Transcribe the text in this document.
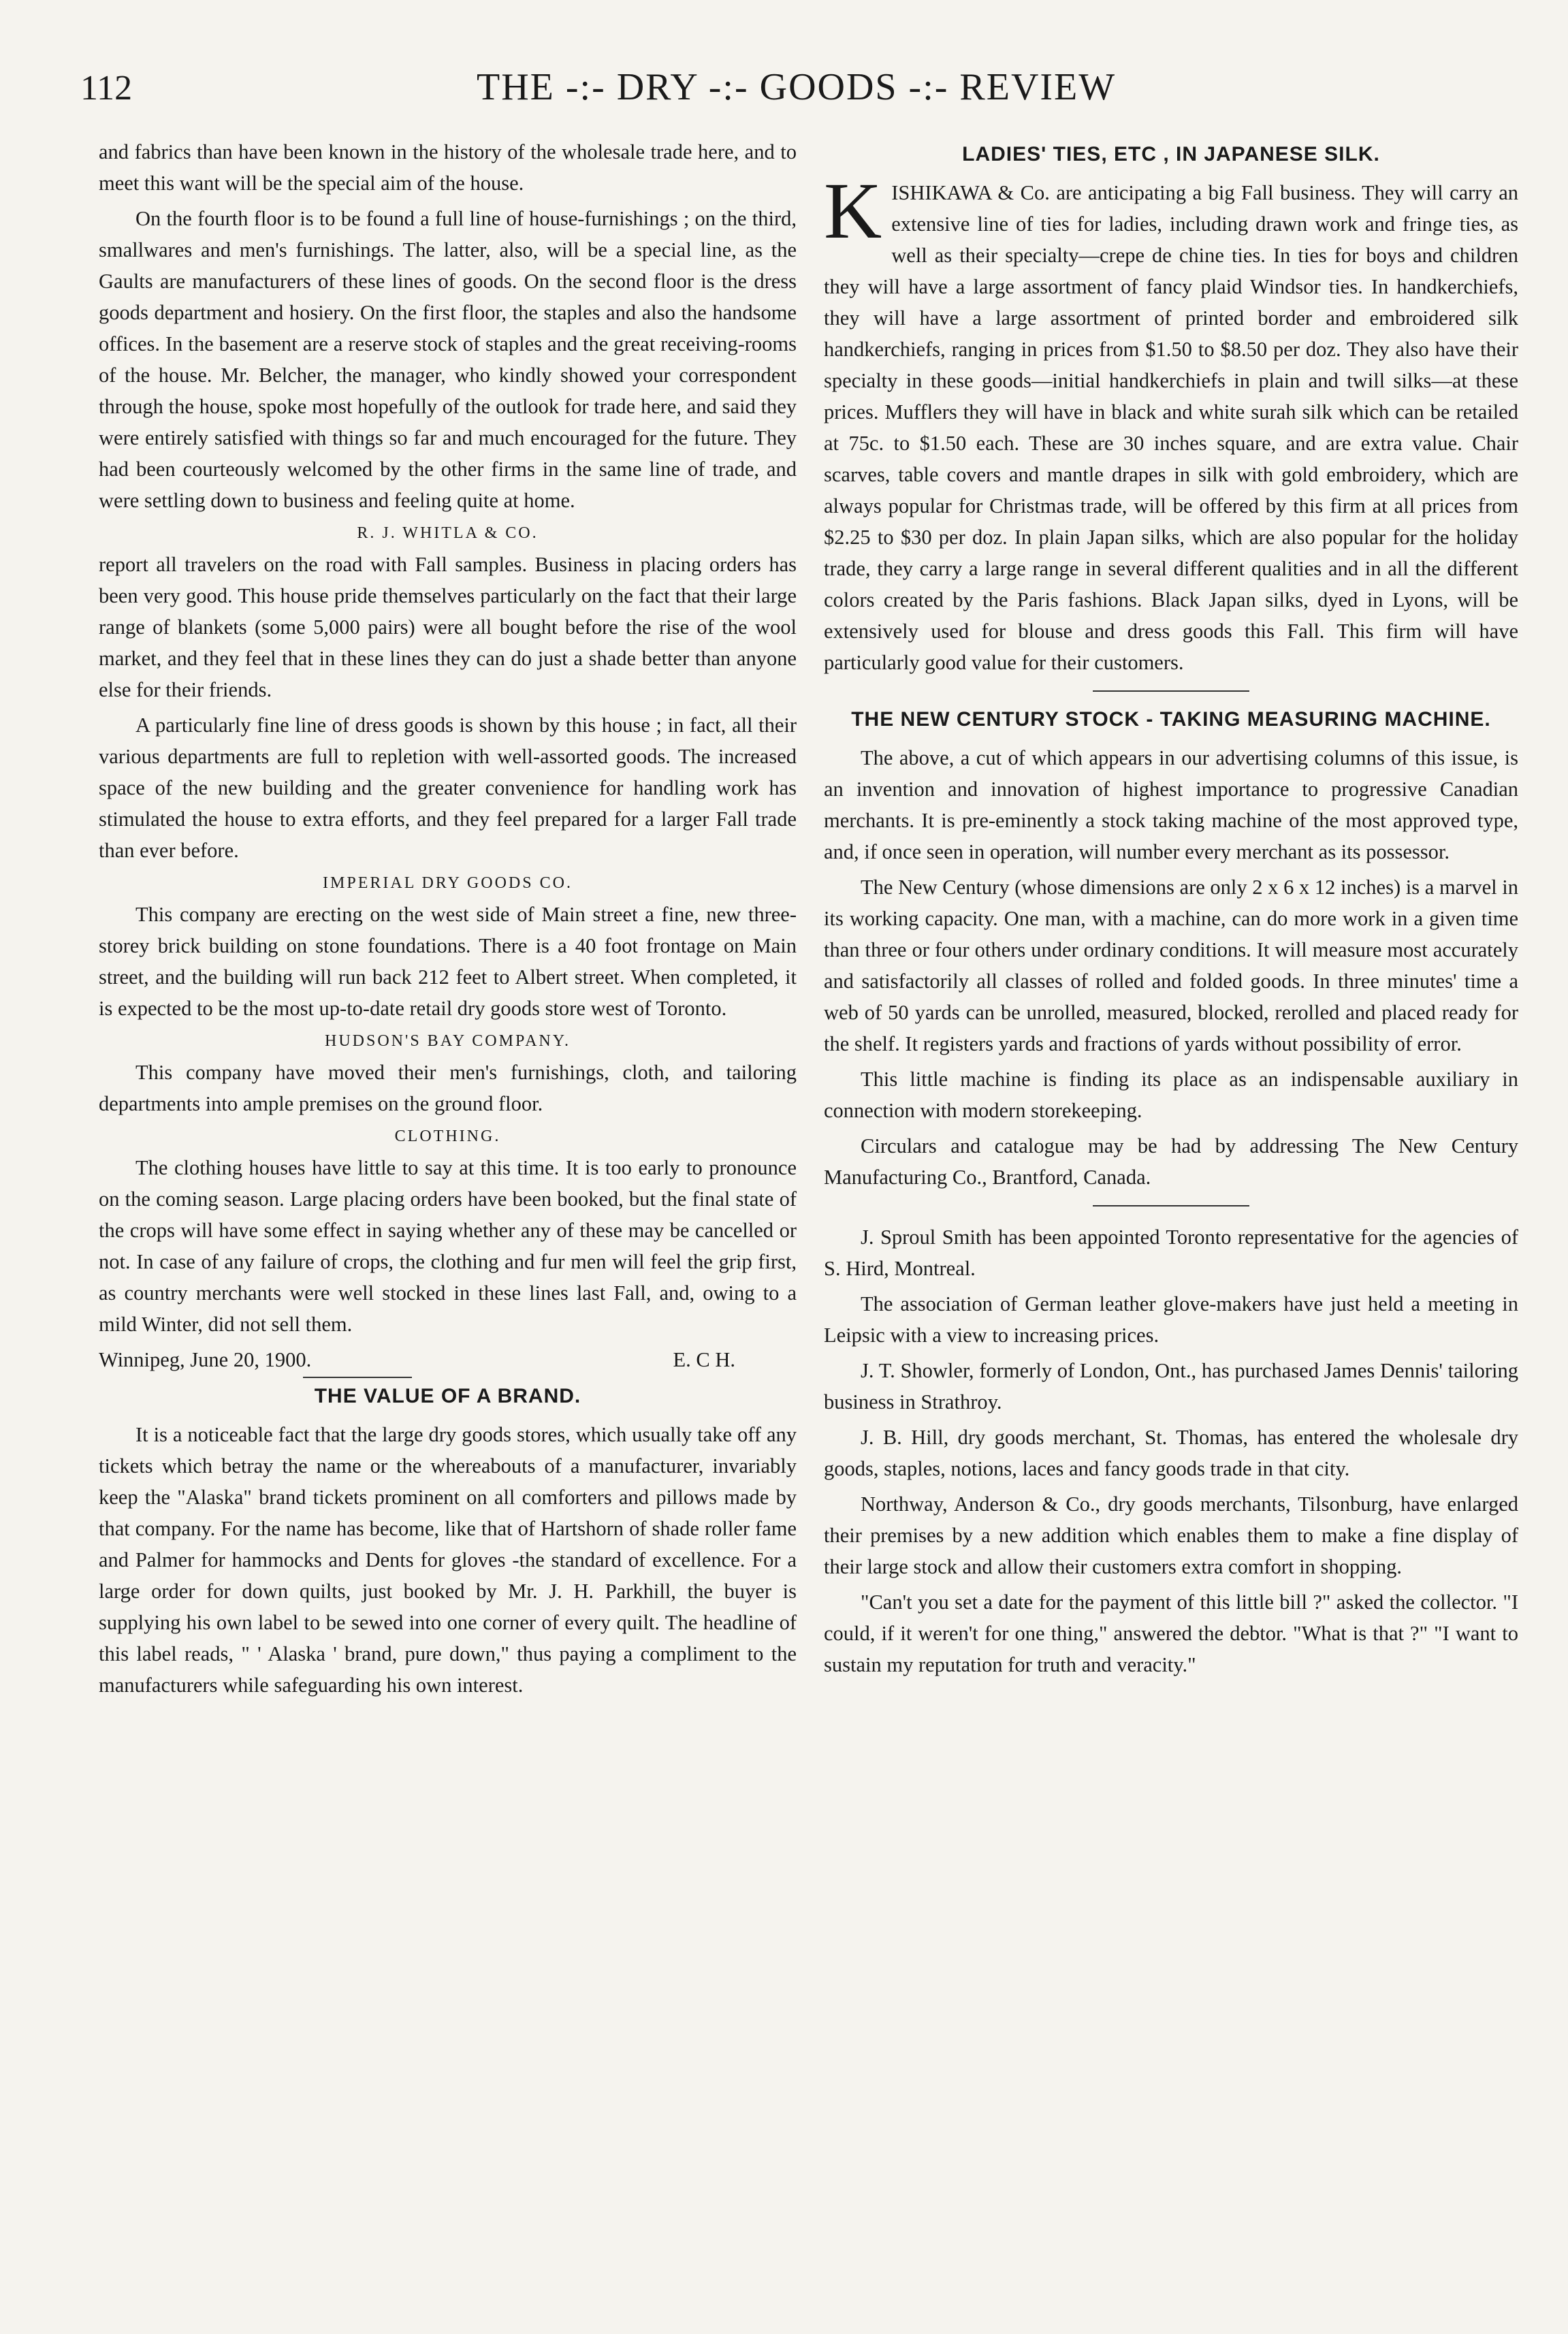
112	THE -:- DRY -:- GOODS -:- REVIEW

and fabrics than have been known in the history of the wholesale trade here, and to meet this want will be the special aim of the house.

On the fourth floor is to be found a full line of house-furnishings ; on the third, smallwares and men's furnishings. The latter, also, will be a special line, as the Gaults are manufacturers of these lines of goods. On the second floor is the dress goods department and hosiery. On the first floor, the staples and also the handsome offices. In the basement are a reserve stock of staples and the great receiving-rooms of the house. Mr. Belcher, the manager, who kindly showed your correspondent through the house, spoke most hopefully of the outlook for trade here, and said they were entirely satisfied with things so far and much encouraged for the future. They had been courteously welcomed by the other firms in the same line of trade, and were settling down to business and feeling quite at home.

R. J. WHITLA & CO.

report all travelers on the road with Fall samples. Business in placing orders has been very good. This house pride themselves particularly on the fact that their large range of blankets (some 5,000 pairs) were all bought before the rise of the wool market, and they feel that in these lines they can do just a shade better than anyone else for their friends.

A particularly fine line of dress goods is shown by this house ; in fact, all their various departments are full to repletion with well-assorted goods. The increased space of the new building and the greater convenience for handling work has stimulated the house to extra efforts, and they feel prepared for a larger Fall trade than ever before.

IMPERIAL DRY GOODS CO.

This company are erecting on the west side of Main street a fine, new three-storey brick building on stone foundations. There is a 40 foot frontage on Main street, and the building will run back 212 feet to Albert street. When completed, it is expected to be the most up-to-date retail dry goods store west of Toronto.

HUDSON'S BAY COMPANY.

This company have moved their men's furnishings, cloth, and tailoring departments into ample premises on the ground floor.

CLOTHING.

The clothing houses have little to say at this time. It is too early to pronounce on the coming season. Large placing orders have been booked, but the final state of the crops will have some effect in saying whether any of these may be cancelled or not. In case of any failure of crops, the clothing and fur men will feel the grip first, as country merchants were well stocked in these lines last Fall, and, owing to a mild Winter, did not sell them.

Winnipeg, June 20, 1900.	E. C H.
THE VALUE OF A BRAND.

It is a noticeable fact that the large dry goods stores, which usually take off any tickets which betray the name or the whereabouts of a manufacturer, invariably keep the "Alaska" brand tickets prominent on all comforters and pillows made by that company. For the name has become, like that of Hartshorn of shade roller fame and Palmer for hammocks and Dents for gloves -the standard of excellence. For a large order for down quilts, just booked by Mr. J. H. Parkhill, the buyer is supplying his own label to be sewed into one corner of every quilt. The headline of this label reads, " ' Alaska ' brand, pure down," thus paying a compliment to the manufacturers while safeguarding his own interest.

LADIES' TIES, ETC , IN JAPANESE SILK.

K ISHIKAWA & Co. are anticipating a big Fall business. They will carry an extensive line of ties for ladies, including drawn work and fringe ties, as well as their specialty—crepe de chine ties. In ties for boys and children they will have a large assortment of fancy plaid Windsor ties. In handkerchiefs, they will have a large assortment of printed border and embroidered silk handkerchiefs, ranging in prices from $1.50 to $8.50 per doz. They also have their specialty in these goods—initial handkerchiefs in plain and twill silks—at these prices. Mufflers they will have in black and white surah silk which can be retailed at 75c. to $1.50 each. These are 30 inches square, and are extra value. Chair scarves, table covers and mantle drapes in silk with gold embroidery, which are always popular for Christmas trade, will be offered by this firm at all prices from $2.25 to $30 per doz. In plain Japan silks, which are also popular for the holiday trade, they carry a large range in several different qualities and in all the different colors created by the Paris fashions. Black Japan silks, dyed in Lyons, will be extensively used for blouse and dress goods this Fall. This firm will have particularly good value for their customers.

THE NEW CENTURY STOCK - TAKING MEASURING MACHINE.

The above, a cut of which appears in our advertising columns of this issue, is an invention and innovation of highest importance to progressive Canadian merchants. It is pre-eminently a stock taking machine of the most approved type, and, if once seen in operation, will number every merchant as its possessor.

The New Century (whose dimensions are only 2 x 6 x 12 inches) is a marvel in its working capacity. One man, with a machine, can do more work in a given time than three or four others under ordinary conditions. It will measure most accurately and satisfactorily all classes of rolled and folded goods. In three minutes' time a web of 50 yards can be unrolled, measured, blocked, rerolled and placed ready for the shelf. It registers yards and fractions of yards without possibility of error.

This little machine is finding its place as an indispensable auxiliary in connection with modern storekeeping.

Circulars and catalogue may be had by addressing The New Century Manufacturing Co., Brantford, Canada.

J. Sproul Smith has been appointed Toronto representative for the agencies of S. Hird, Montreal.

The association of German leather glove-makers have just held a meeting in Leipsic with a view to increasing prices.

J. T. Showler, formerly of London, Ont., has purchased James Dennis' tailoring business in Strathroy.

J. B. Hill, dry goods merchant, St. Thomas, has entered the wholesale dry goods, staples, notions, laces and fancy goods trade in that city.

Northway, Anderson & Co., dry goods merchants, Tilsonburg, have enlarged their premises by a new addition which enables them to make a fine display of their large stock and allow their customers extra comfort in shopping.

"Can't you set a date for the payment of this little bill ?" asked the collector. "I could, if it weren't for one thing," answered the debtor. "What is that ?" "I want to sustain my reputation for truth and veracity."
